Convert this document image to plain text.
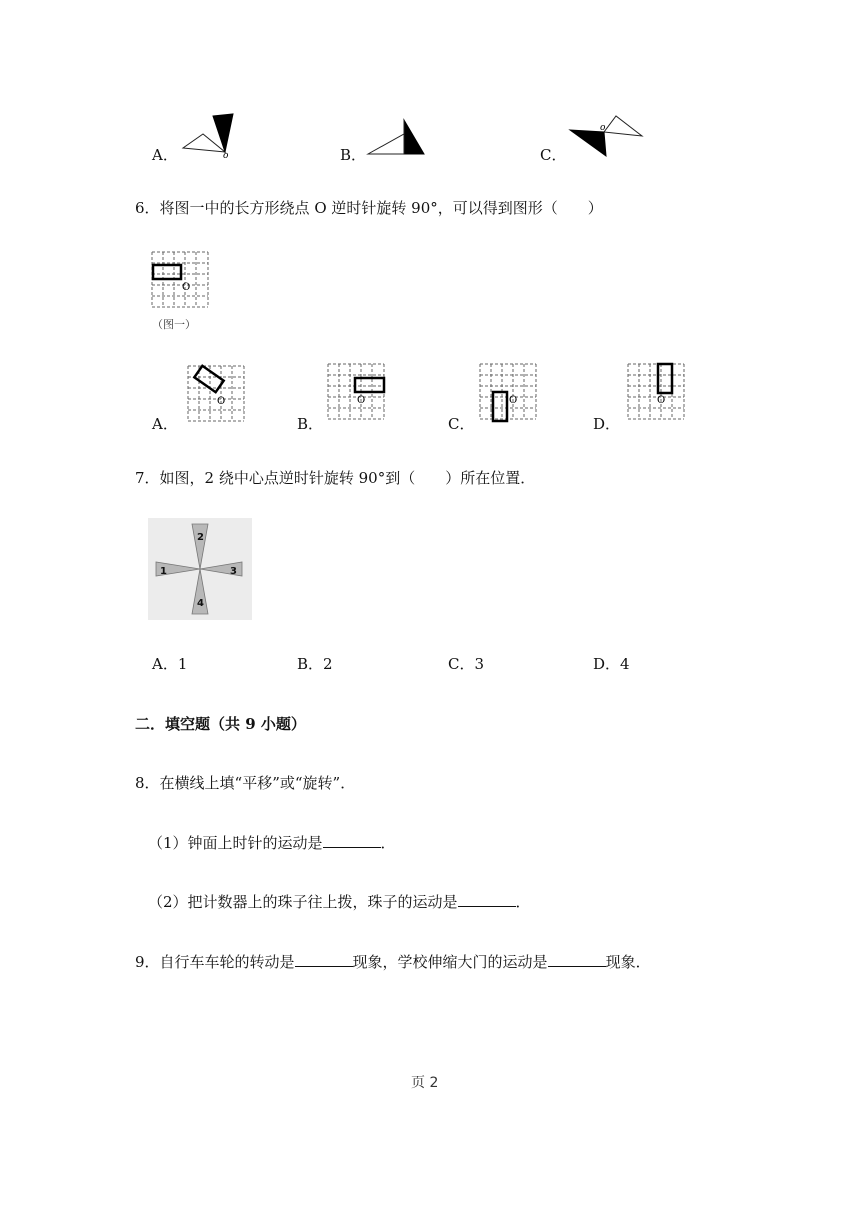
A．	o	B．	C．
o
6．将图一中的长方形绕点 O 逆时针旋转 90°，可以得到图形（　　）
O
（图一）
A．
O
B．
O
C．
O
D．
O
7．如图，2 绕中心点逆时针旋转 90°到（　　）所在位置．
1
2
3
4
A．1	B．2	C．3	D．4
二．填空题（共 9 小题）
8．在横线上填“平移”或“旋转”．
（1）钟面上时针的运动是	．
（2）把计数器上的珠子往上拨，珠子的运动是	．
9．自行车车轮的转动是	现象，学校伸缩大门的运动是	现象．
页 2
